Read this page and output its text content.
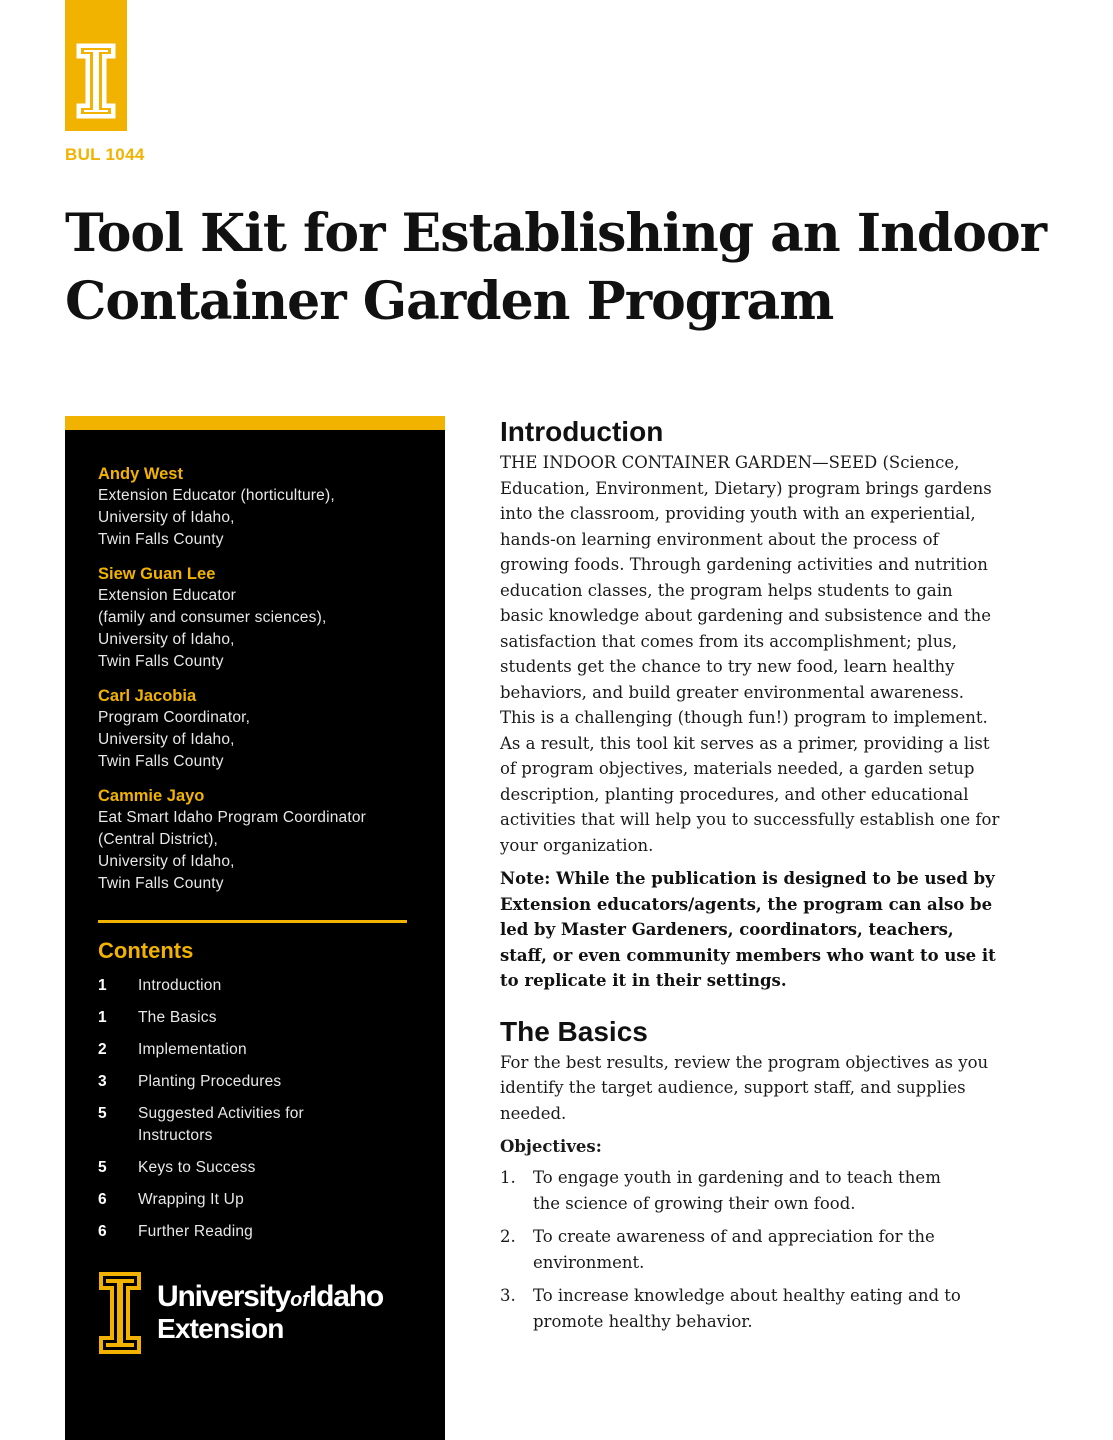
BUL 1044
Tool Kit for Establishing an Indoor Container Garden Program
Andy West
Extension Educator (horticulture),
University of Idaho,
Twin Falls County
Siew Guan Lee
Extension Educator
(family and consumer sciences),
University of Idaho,
Twin Falls County
Carl Jacobia
Program Coordinator,
University of Idaho,
Twin Falls County
Cammie Jayo
Eat Smart Idaho Program Coordinator
(Central District),
University of Idaho,
Twin Falls County
Contents
1	Introduction
1	The Basics
2	Implementation
3	Planting Procedures
5	Suggested Activities for Instructors
5	Keys to Success
6	Wrapping It Up
6	Further Reading
UniversityofIdaho
Extension
Introduction

THE INDOOR CONTAINER GARDEN—SEED (Science, Education, Environment, Dietary) program brings gardens into the classroom, providing youth with an experiential, hands-on learning environment about the process of growing foods. Through gardening activities and nutrition education classes, the program helps students to gain basic knowledge about gardening and subsistence and the satisfaction that comes from its accomplishment; plus, students get the chance to try new food, learn healthy behaviors, and build greater environmental awareness. This is a challenging (though fun!) program to implement. As a result, this tool kit serves as a primer, providing a list of program objectives, materials needed, a garden setup description, planting procedures, and other educational activities that will help you to successfully establish one for your organization.

Note: While the publication is designed to be used by Extension educators/agents, the program can also be led by Master Gardeners, coordinators, teachers, staff, or even community members who want to use it to replicate it in their settings.

The Basics

For the best results, review the program objectives as you identify the target audience, support staff, and supplies needed.

Objectives:
1.	To engage youth in gardening and to teach them the science of growing their own food.
2.	To create awareness of and appreciation for the environment.
3.	To increase knowledge about healthy eating and to promote healthy behavior.
